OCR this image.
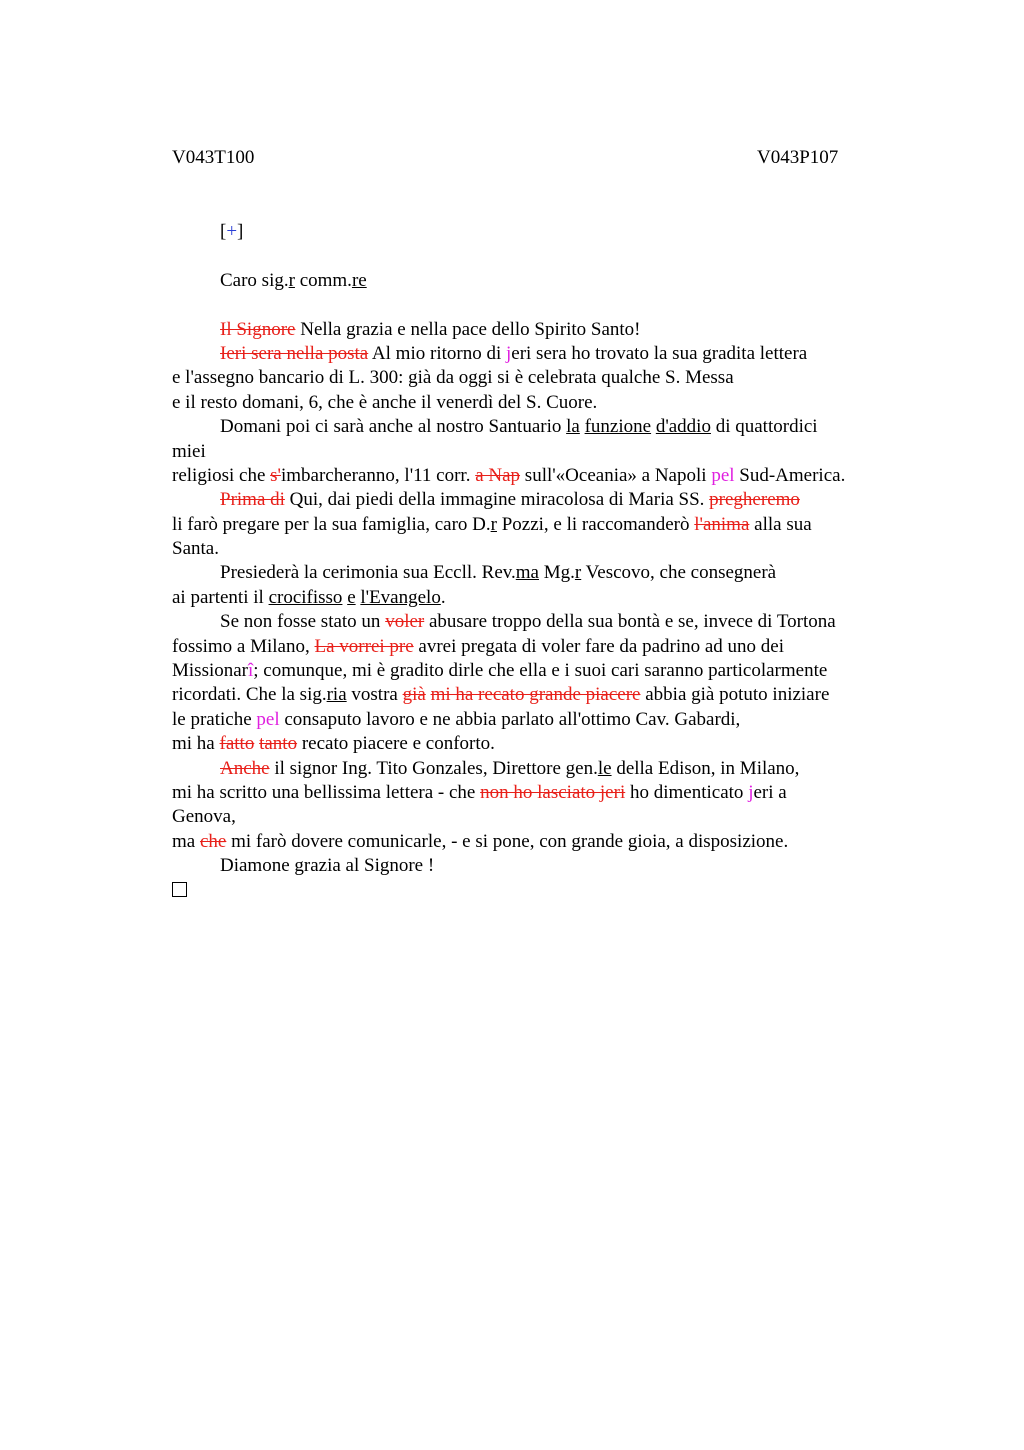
V043T100	V043P107
[+]
Caro sig.r comm.re
Il Signore Nella grazia e nella pace dello Spirito Santo!
Ieri sera nella posta Al mio ritorno di jeri sera ho trovato la sua gradita lettera
e l'assegno bancario di L. 300: già da oggi si è celebrata qualche S. Messa
e il resto domani, 6, che è anche il venerdì del S. Cuore.
Domani poi ci sarà anche al nostro Santuario la funzione d'addio di quattordici
miei
religiosi che s'imbarcheranno, l'11 corr. a Nap sull'«Oceania» a Napoli pel Sud-America.
Prima di Qui, dai piedi della immagine miracolosa di Maria SS. pregheremo
li farò pregare per la sua famiglia, caro D.r Pozzi, e li raccomanderò l'anima alla sua
Santa.
Presiederà la cerimonia sua Eccll. Rev.ma Mg.r Vescovo, che consegnerà
ai partenti il crocifisso e l'Evangelo.
Se non fosse stato un voler abusare troppo della sua bontà e se, invece di Tortona
fossimo a Milano, La vorrei pre avrei pregata di voler fare da padrino ad uno dei
Missionarî; comunque, mi è gradito dirle che ella e i suoi cari saranno particolarmente
ricordati. Che la sig.ria vostra già mi ha recato grande piacere abbia già potuto iniziare
le pratiche pel consaputo lavoro e ne abbia parlato all'ottimo Cav. Gabardi,
mi ha fatto tanto recato piacere e conforto.
Anche il signor Ing. Tito Gonzales, Direttore gen.le della Edison, in Milano,
mi ha scritto una bellissima lettera - che non ho lasciato jeri ho dimenticato jeri a
Genova,
ma che mi farò dovere comunicarle, - e si pone, con grande gioia, a disposizione.
Diamone grazia al Signore !
